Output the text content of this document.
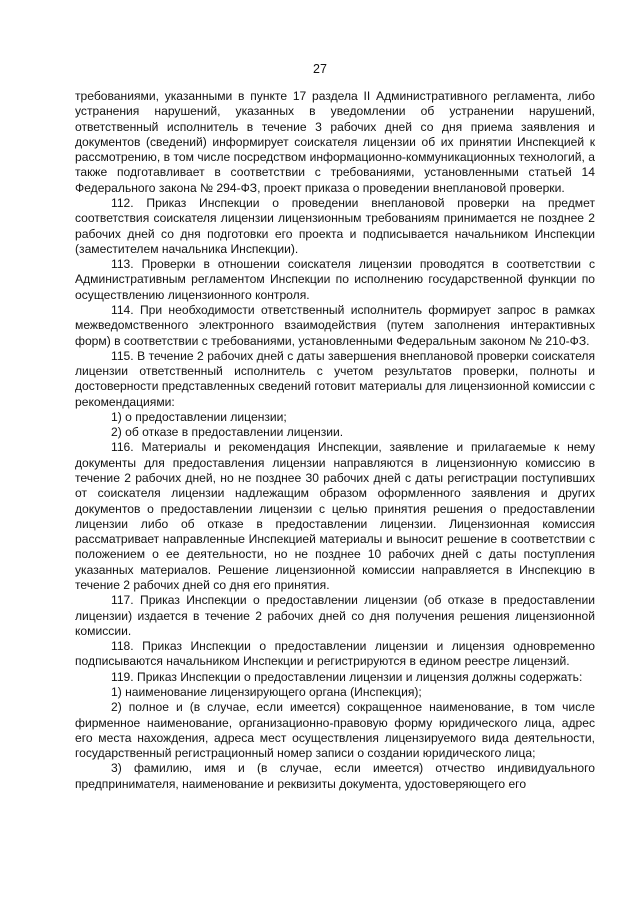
27

требованиями, указанными в пункте 17 раздела II Административного регламента, либо устранения нарушений, указанных в уведомлении об устранении нарушений, ответственный исполнитель в течение 3 рабочих дней со дня приема заявления и документов (сведений) информирует соискателя лицензии об их принятии Инспекцией к рассмотрению, в том числе посредством информационно-коммуникационных технологий, а также подготавливает в соответствии с требованиями, установленными статьей 14 Федерального закона № 294-ФЗ, проект приказа о проведении внеплановой проверки.

112. Приказ Инспекции о проведении внеплановой проверки на предмет соответствия соискателя лицензии лицензионным требованиям принимается не позднее 2 рабочих дней со дня подготовки его проекта и подписывается начальником Инспекции (заместителем начальника Инспекции).

113. Проверки в отношении соискателя лицензии проводятся в соответствии с Административным регламентом Инспекции по исполнению государственной функции по осуществлению лицензионного контроля.

114. При необходимости ответственный исполнитель формирует запрос в рамках межведомственного электронного взаимодействия (путем заполнения интерактивных форм) в соответствии с требованиями, установленными Федеральным законом № 210-ФЗ.

115. В течение 2 рабочих дней с даты завершения внеплановой проверки соискателя лицензии ответственный исполнитель с учетом результатов проверки, полноты и достоверности представленных сведений готовит материалы для лицензионной комиссии с рекомендациями:

1) о предоставлении лицензии;

2) об отказе в предоставлении лицензии.

116. Материалы и рекомендация Инспекции, заявление и прилагаемые к нему документы для предоставления лицензии направляются в лицензионную комиссию в течение 2 рабочих дней, но не позднее 30 рабочих дней с даты регистрации поступивших от соискателя лицензии надлежащим образом оформленного заявления и других документов о предоставлении лицензии с целью принятия решения о предоставлении лицензии либо об отказе в предоставлении лицензии. Лицензионная комиссия рассматривает направленные Инспекцией материалы и выносит решение в соответствии с положением о ее деятельности, но не позднее 10 рабочих дней с даты поступления указанных материалов. Решение лицензионной комиссии направляется в Инспекцию в течение 2 рабочих дней со дня его принятия.

117. Приказ Инспекции о предоставлении лицензии (об отказе в предоставлении лицензии) издается в течение 2 рабочих дней со дня получения решения лицензионной комиссии.

118. Приказ Инспекции о предоставлении лицензии и лицензия одновременно подписываются начальником Инспекции и регистрируются в едином реестре лицензий.

119. Приказ Инспекции о предоставлении лицензии и лицензия должны содержать:

1) наименование лицензирующего органа (Инспекция);

2) полное и (в случае, если имеется) сокращенное наименование, в том числе фирменное наименование, организационно-правовую форму юридического лица, адрес его места нахождения, адреса мест осуществления лицензируемого вида деятельности, государственный регистрационный номер записи о создании юридического лица;

3) фамилию, имя и (в случае, если имеется) отчество индивидуального предпринимателя, наименование и реквизиты документа, удостоверяющего его
